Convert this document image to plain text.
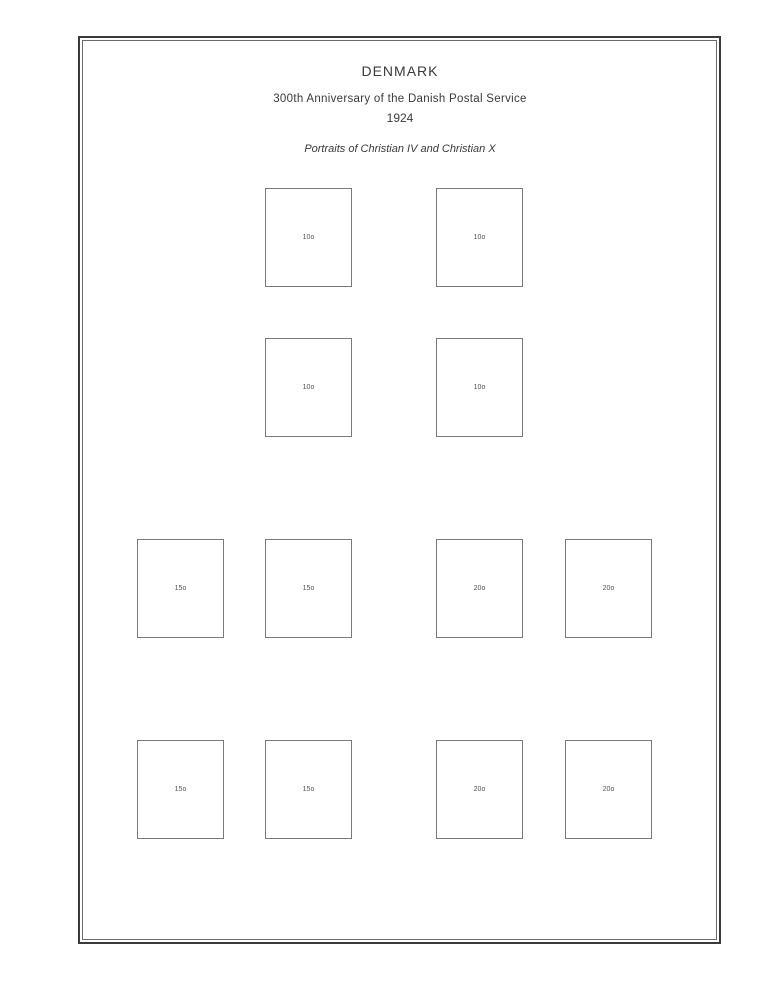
DENMARK
300th Anniversary of the Danish Postal Service
1924
Portraits of Christian IV and Christian X
10o	10o
10o	10o
15o	15o	20o	20o
15o	15o	20o	20o
